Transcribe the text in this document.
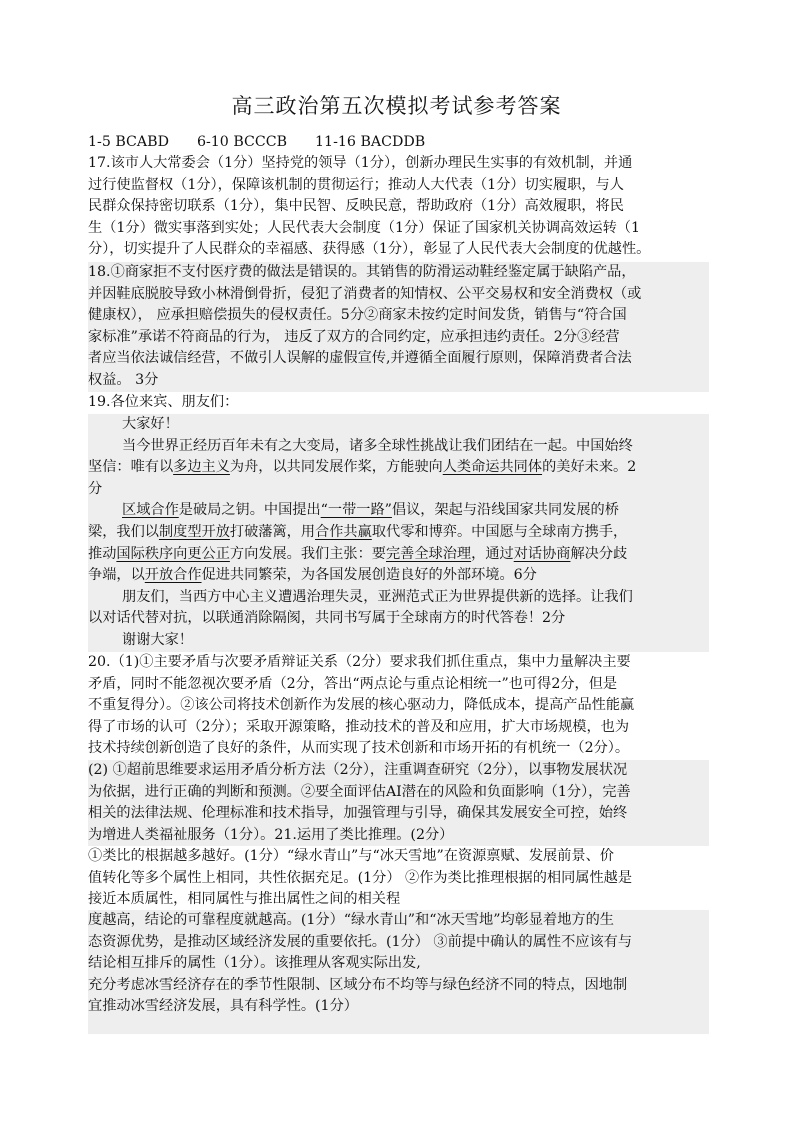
高三政治第五次模拟考试参考答案
1-5 BCABD 6-10 BCCCB 11-16 BACDDB
17.该市人大常委会（1分）坚持党的领导（1分），创新办理民生实事的有效机制，并通
过行使监督权（1分），保障该机制的贯彻运行；推动人大代表（1分）切实履职，与人
民群众保持密切联系（1分），集中民智、反映民意，帮助政府（1分）高效履职，将民
生（1分）微实事落到实处；人民代表大会制度（1分）保证了国家机关协调高效运转（1
分），切实提升了人民群众的幸福感、获得感（1分），彰显了人民代表大会制度的优越性。
18.①商家拒不支付医疗费的做法是错误的。其销售的防滑运动鞋经鉴定属于缺陷产品，
并因鞋底脱胶导致小林滑倒骨折，侵犯了消费者的知情权、公平交易权和安全消费权（或
健康权）， 应承担赔偿损失的侵权责任。5分②商家未按约定时间发货，销售与“符合国
家标准”承诺不符商品的行为， 违反了双方的合同约定，应承担违约责任。2分③经营
者应当依法诚信经营，不做引人误解的虚假宣传,并遵循全面履行原则，保障消费者合法
权益。 3分
19.各位来宾、朋友们：
大家好！
当今世界正经历百年未有之大变局，诸多全球性挑战让我们团结在一起。中国始终
坚信：唯有以多边主义为舟，以共同发展作桨，方能驶向人类命运共同体的美好未来。2
分
区域合作是破局之钥。中国提出“一带一路”倡议，架起与沿线国家共同发展的桥
梁，我们以制度型开放打破藩篱，用合作共赢取代零和博弈。中国愿与全球南方携手，
推动国际秩序向更公正方向发展。我们主张：要完善全球治理，通过对话协商解决分歧
争端，以开放合作促进共同繁荣，为各国发展创造良好的外部环境。6分
朋友们，当西方中心主义遭遇治理失灵，亚洲范式正为世界提供新的选择。让我们
以对话代替对抗，以联通消除隔阂，共同书写属于全球南方的时代答卷！2分
谢谢大家！
20.（1)①主要矛盾与次要矛盾辩证关系（2分）要求我们抓住重点，集中力量解决主要
矛盾，同时不能忽视次要矛盾（2分，答出“两点论与重点论相统一”也可得2分，但是
不重复得分）。②该公司将技术创新作为发展的核心驱动力，降低成本，提高产品性能赢
得了市场的认可（2分）；采取开源策略，推动技术的普及和应用，扩大市场规模，也为
技术持续创新创造了良好的条件，从而实现了技术创新和市场开拓的有机统一（2分）。
(2) ①超前思维要求运用矛盾分析方法（2分），注重调查研究（2分），以事物发展状况
为依据，进行正确的判断和预测。②要全面评估AI潜在的风险和负面影响（1分），完善
相关的法律法规、伦理标准和技术指导，加强管理与引导，确保其发展安全可控，始终
为增进人类福祉服务（1分）。21.运用了类比推理。(2分）
①类比的根据越多越好。(1分）“绿水青山”与“冰天雪地”在资源禀赋、发展前景、价
值转化等多个属性上相同，共性依据充足。(1分） ②作为类比推理根据的相同属性越是
接近本质属性，相同属性与推出属性之间的相关程
度越高，结论的可靠程度就越高。(1分）“绿水青山”和“冰天雪地”均彰显着地方的生
态资源优势，是推动区域经济发展的重要依托。(1分） ③前提中确认的属性不应该有与
结论相互排斥的属性（1分）。该推理从客观实际出发,
充分考虑冰雪经济存在的季节性限制、区域分布不均等与绿色经济不同的特点，因地制
宜推动冰雪经济发展，具有科学性。(1分）
